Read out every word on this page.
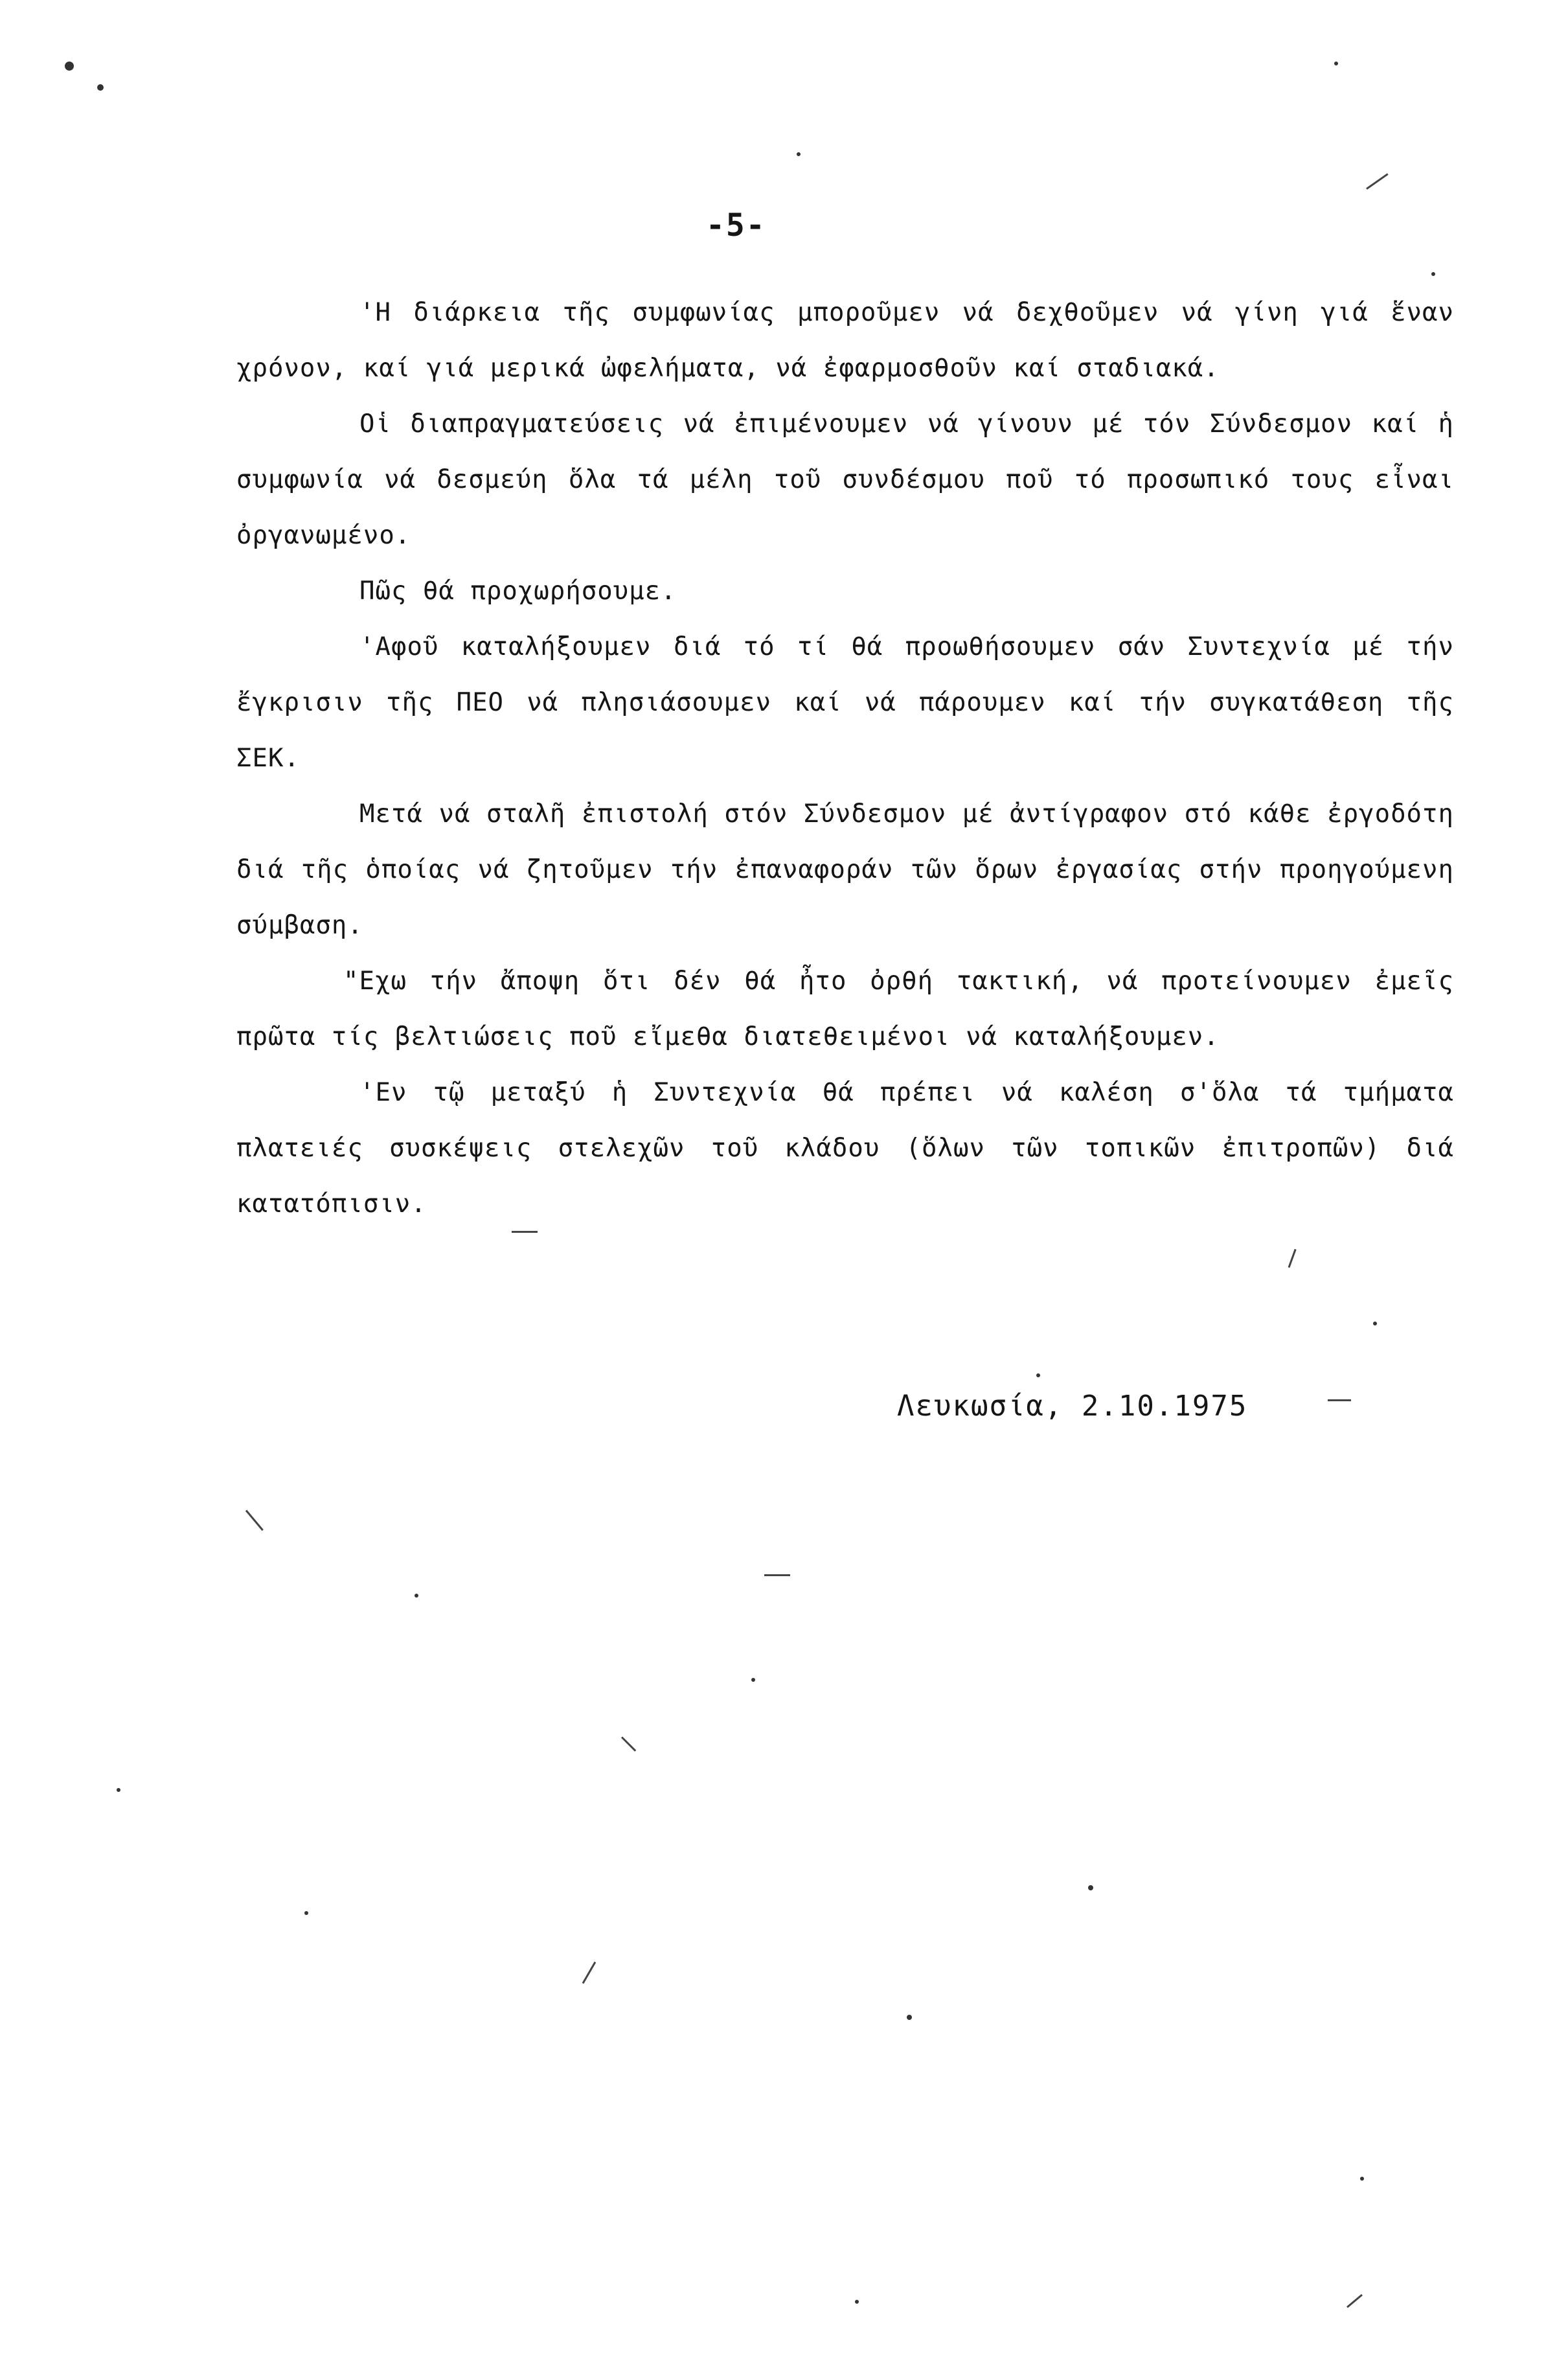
-5-

'Η διάρκεια τῆς συμφωνίας μποροῦμεν νά δεχθοῦμεν νά γίνη γιά ἕναν χρόνον, καί γιά μερικά ὠφελήματα, νά ἐφαρμοσθοῦν καί σταδιακά.

Οἱ διαπραγματεύσεις νά ἐπιμένουμεν νά γίνουν μέ τόν Σύνδεσμον καί ἡ συμφωνία νά δεσμεύη ὅλα τά μέλη τοῦ συνδέσμου ποῦ τό προσωπικό τους εἶναι ὀργανωμένο.

Πῶς θά προχωρήσουμε.

'Αφοῦ καταλήξουμεν διά τό τί θά προωθήσουμεν σάν Συντεχνία μέ τήν ἔγκρισιν τῆς ΠΕΟ νά πλησιάσουμεν καί νά πάρουμεν καί τήν συγκατάθεση τῆς ΣΕΚ.

Μετά νά σταλῆ ἐπιστολή στόν Σύνδεσμον μέ ἀντίγραφον στό κάθε ἐργοδότη διά τῆς ὁποίας νά ζητοῦμεν τήν ἐπαναφοράν τῶν ὅρων ἐργασίας στήν προηγούμενη σύμβαση.

"Εχω τήν ἄποψη ὅτι δέν θά ἦτο ὀρθή τακτική, νά προτείνουμεν ἐμεῖς πρῶτα τίς βελτιώσεις ποῦ εἴμεθα διατεθειμένοι νά καταλήξουμεν.

'Εν τῷ μεταξύ ἡ Συντεχνία θά πρέπει νά καλέση σ'ὅλα τά τμήματα πλατειές συσκέψεις στελεχῶν τοῦ κλάδου (ὅλων τῶν τοπικῶν ἐπιτροπῶν) διά κατατόπισιν.

Λευκωσία, 2.10.1975
